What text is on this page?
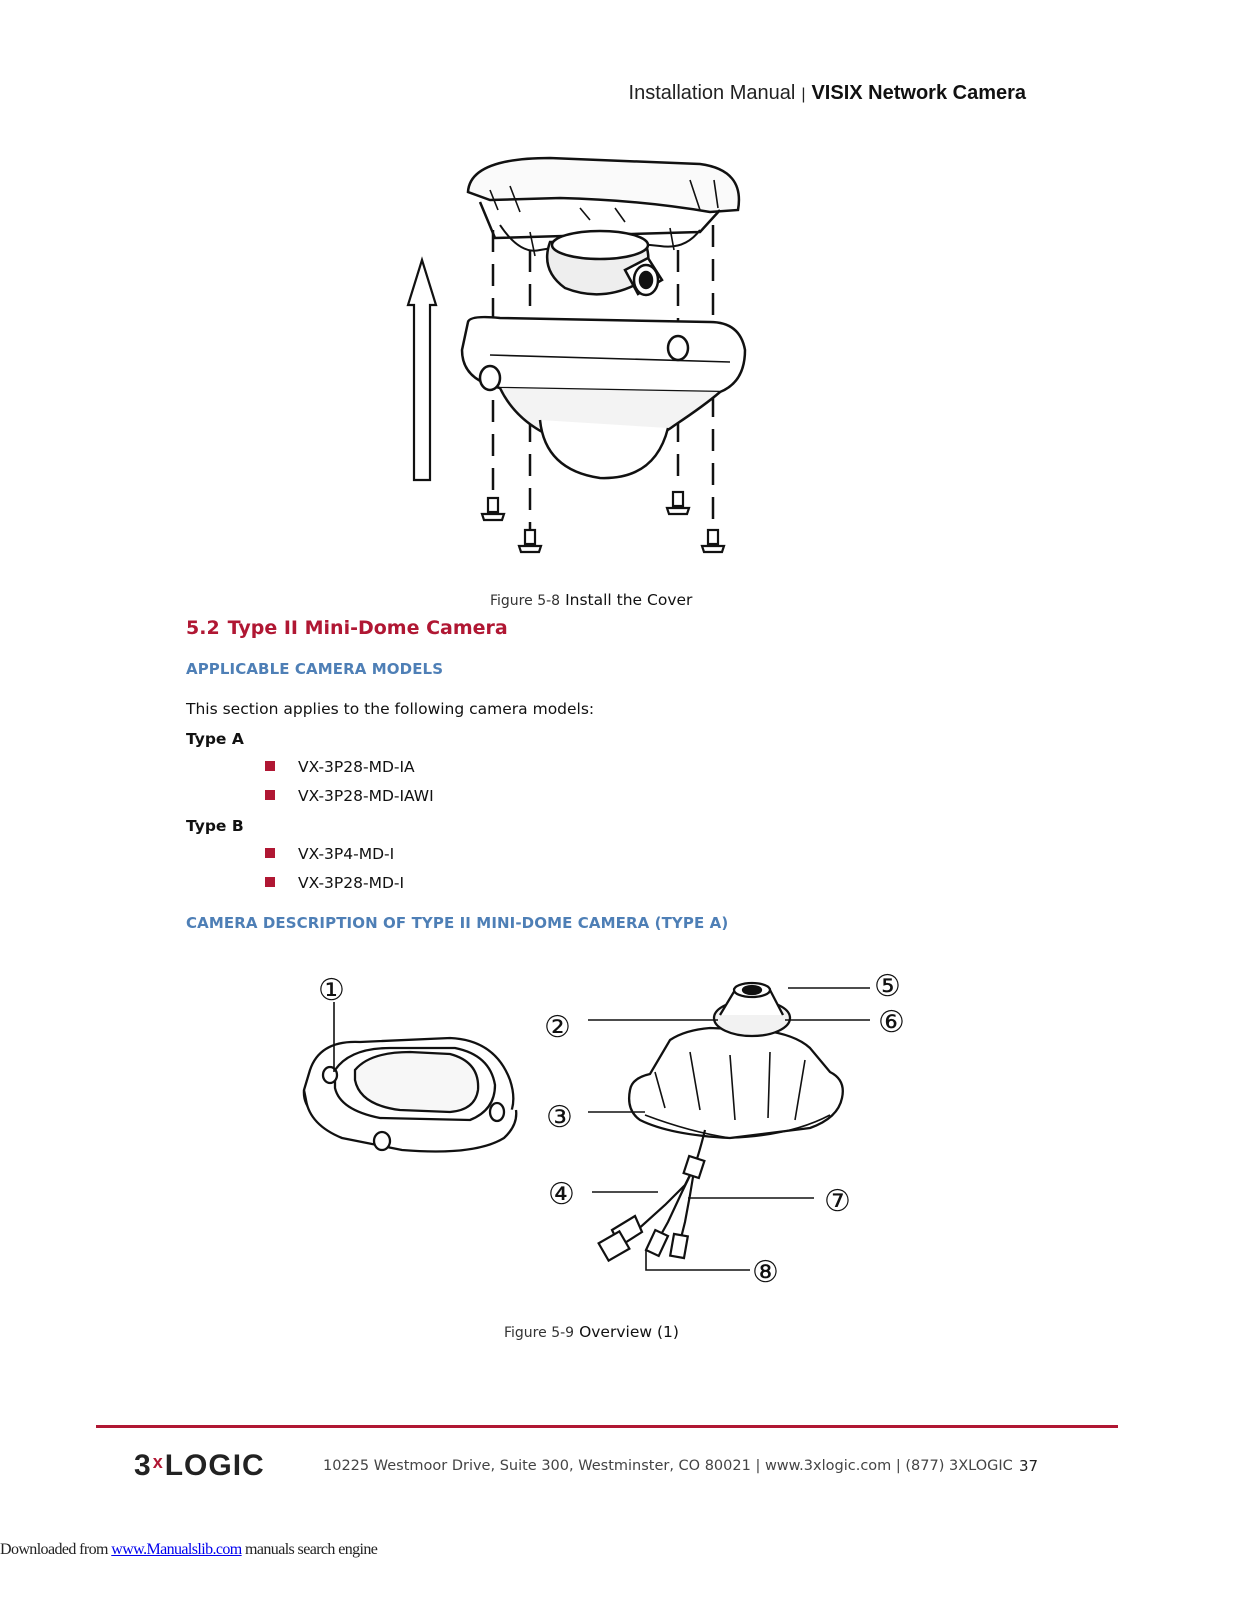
Installation Manual | VISIX Network Camera
Figure 5-8 Install the Cover
5.2 Type II Mini-Dome Camera
APPLICABLE CAMERA MODELS
This section applies to the following camera models:
Type A
VX-3P28-MD-IA
VX-3P28-MD-IAWI
Type B
VX-3P4-MD-I
VX-3P28-MD-I
CAMERA DESCRIPTION OF TYPE II MINI-DOME CAMERA (TYPE A)
①
②
③
④
⑤
⑥
⑦
⑧
Figure 5-9 Overview (1)
3$^x$LOGIC	10225 Westmoor Drive, Suite 300, Westminster, CO 80021 | www.3xlogic.com | (877) 3XLOGIC 37
Downloaded from www.Manualslib.com manuals search engine
